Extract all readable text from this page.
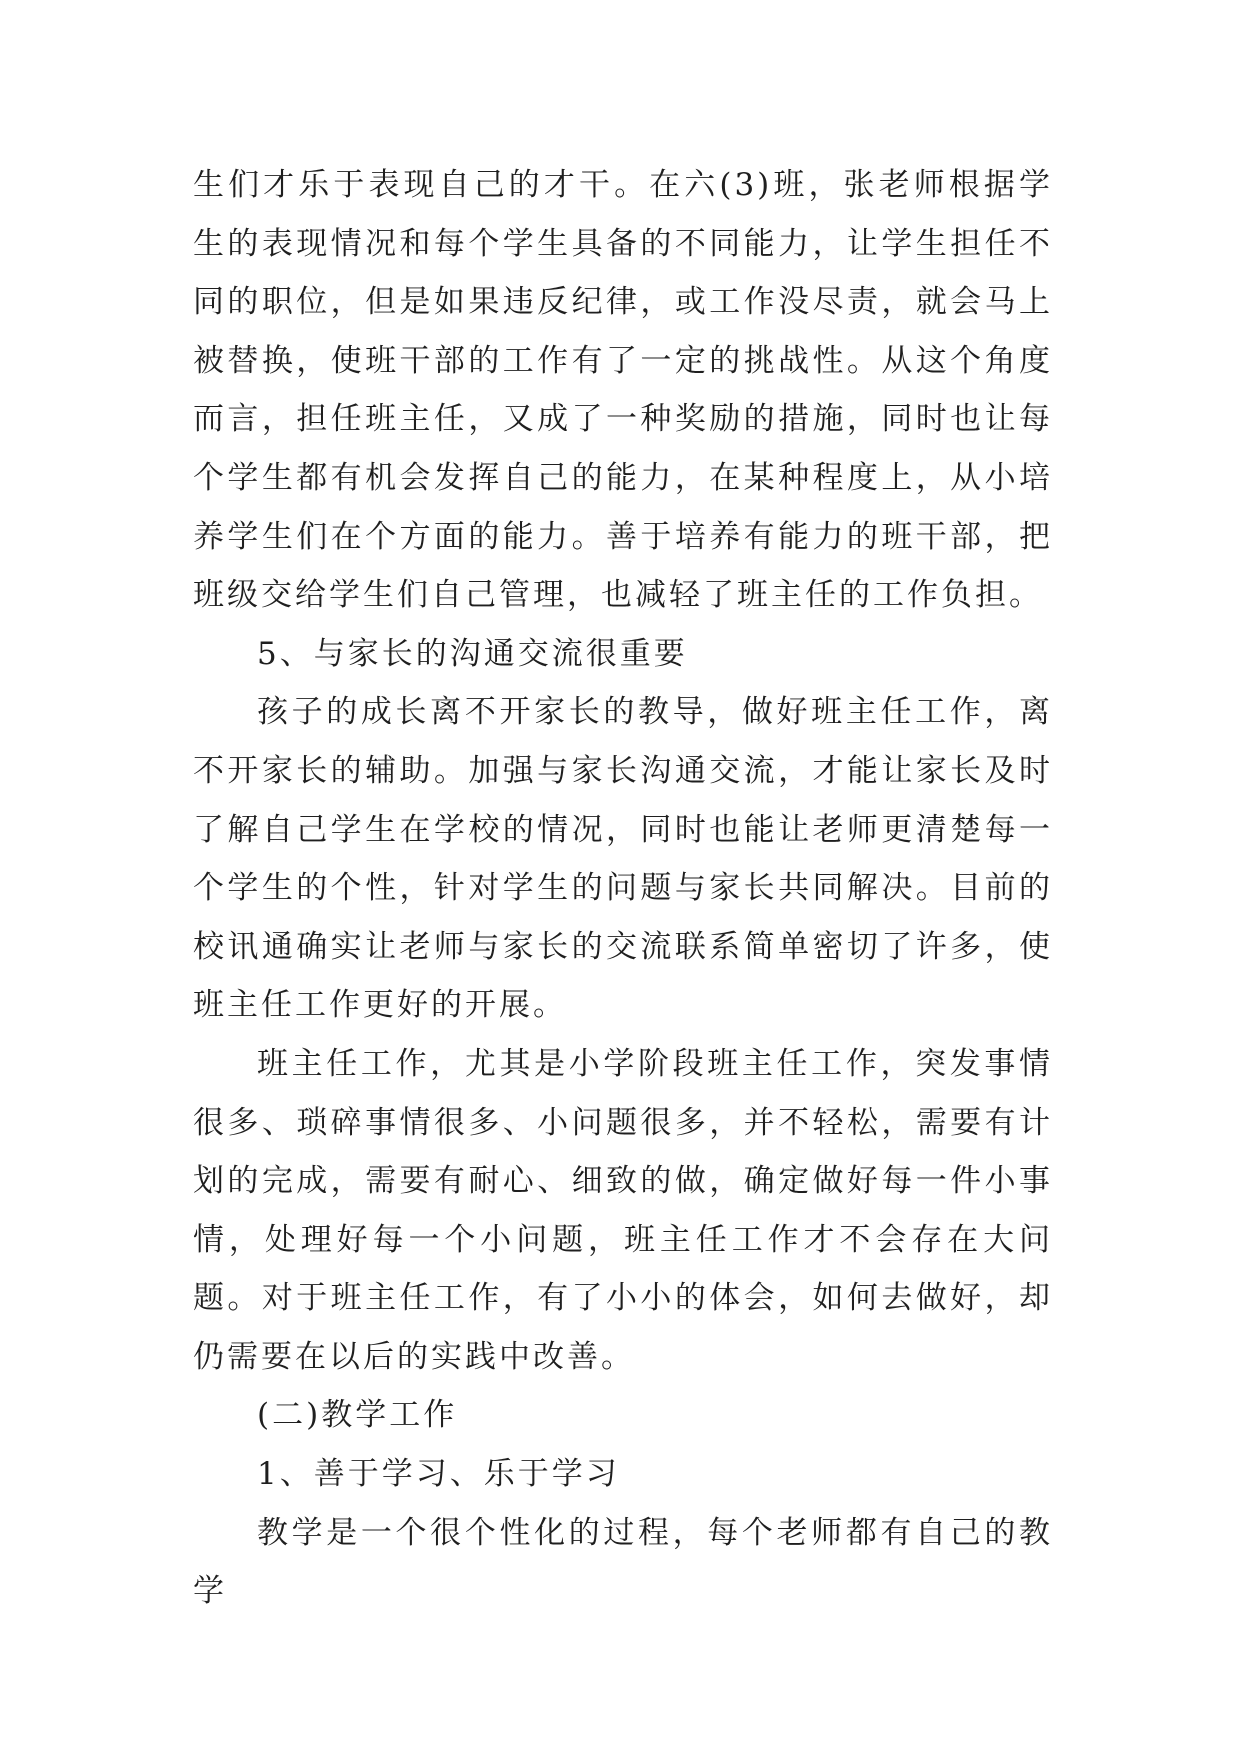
生们才乐于表现自己的才干。在六(3)班，张老师根据学生的表现情况和每个学生具备的不同能力，让学生担任不同的职位，但是如果违反纪律，或工作没尽责，就会马上被替换，使班干部的工作有了一定的挑战性。从这个角度而言，担任班主任，又成了一种奖励的措施，同时也让每个学生都有机会发挥自己的能力，在某种程度上，从小培养学生们在个方面的能力。善于培养有能力的班干部，把班级交给学生们自己管理，也减轻了班主任的工作负担。

5、与家长的沟通交流很重要

孩子的成长离不开家长的教导，做好班主任工作，离不开家长的辅助。加强与家长沟通交流，才能让家长及时了解自己学生在学校的情况，同时也能让老师更清楚每一个学生的个性，针对学生的问题与家长共同解决。目前的校讯通确实让老师与家长的交流联系简单密切了许多，使班主任工作更好的开展。

班主任工作，尤其是小学阶段班主任工作，突发事情很多、琐碎事情很多、小问题很多，并不轻松，需要有计划的完成，需要有耐心、细致的做，确定做好每一件小事情，处理好每一个小问题，班主任工作才不会存在大问题。对于班主任工作，有了小小的体会，如何去做好，却仍需要在以后的实践中改善。

(二)教学工作

1、善于学习、乐于学习

教学是一个很个性化的过程，每个老师都有自己的教学
